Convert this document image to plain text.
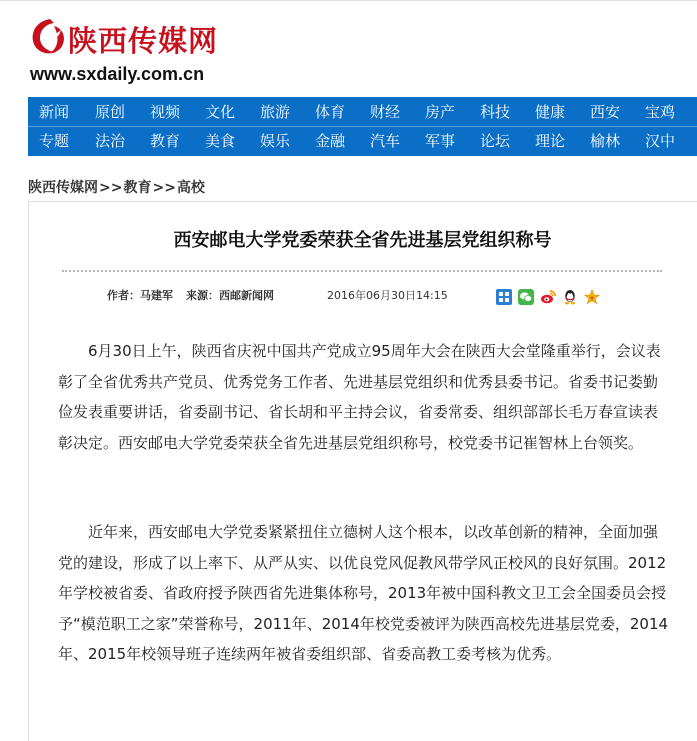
陕西传媒网
www.sxdaily.com.cn
新闻 原创 视频 文化 旅游 体育 财经 房产 科技 健康 西安 宝鸡
专题 法治 教育 美食 娱乐 金融 汽车 军事 论坛 理论 榆林 汉中
陕西传媒网>>教育>>高校
西安邮电大学党委荣获全省先进基层党组织称号
作者：马建军 来源：西邮新闻网	2016年06月30日14:15	+

6月30日上午，陕西省庆祝中国共产党成立95周年大会在陕西大会堂隆重举行，会议表彰了全省优秀共产党员、优秀党务工作者、先进基层党组织和优秀县委书记。省委书记娄勤俭发表重要讲话，省委副书记、省长胡和平主持会议，省委常委、组织部部长毛万春宣读表彰决定。西安邮电大学党委荣获全省先进基层党组织称号，校党委书记崔智林上台领奖。

近年来，西安邮电大学党委紧紧扭住立德树人这个根本，以改革创新的精神，全面加强党的建设，形成了以上率下、从严从实、以优良党风促教风带学风正校风的良好氛围。2012年学校被省委、省政府授予陕西省先进集体称号，2013年被中国科教文卫工会全国委员会授予“模范职工之家”荣誉称号，2011年、2014年校党委被评为陕西高校先进基层党委，2014年、2015年校领导班子连续两年被省委组织部、省委高教工委考核为优秀。
